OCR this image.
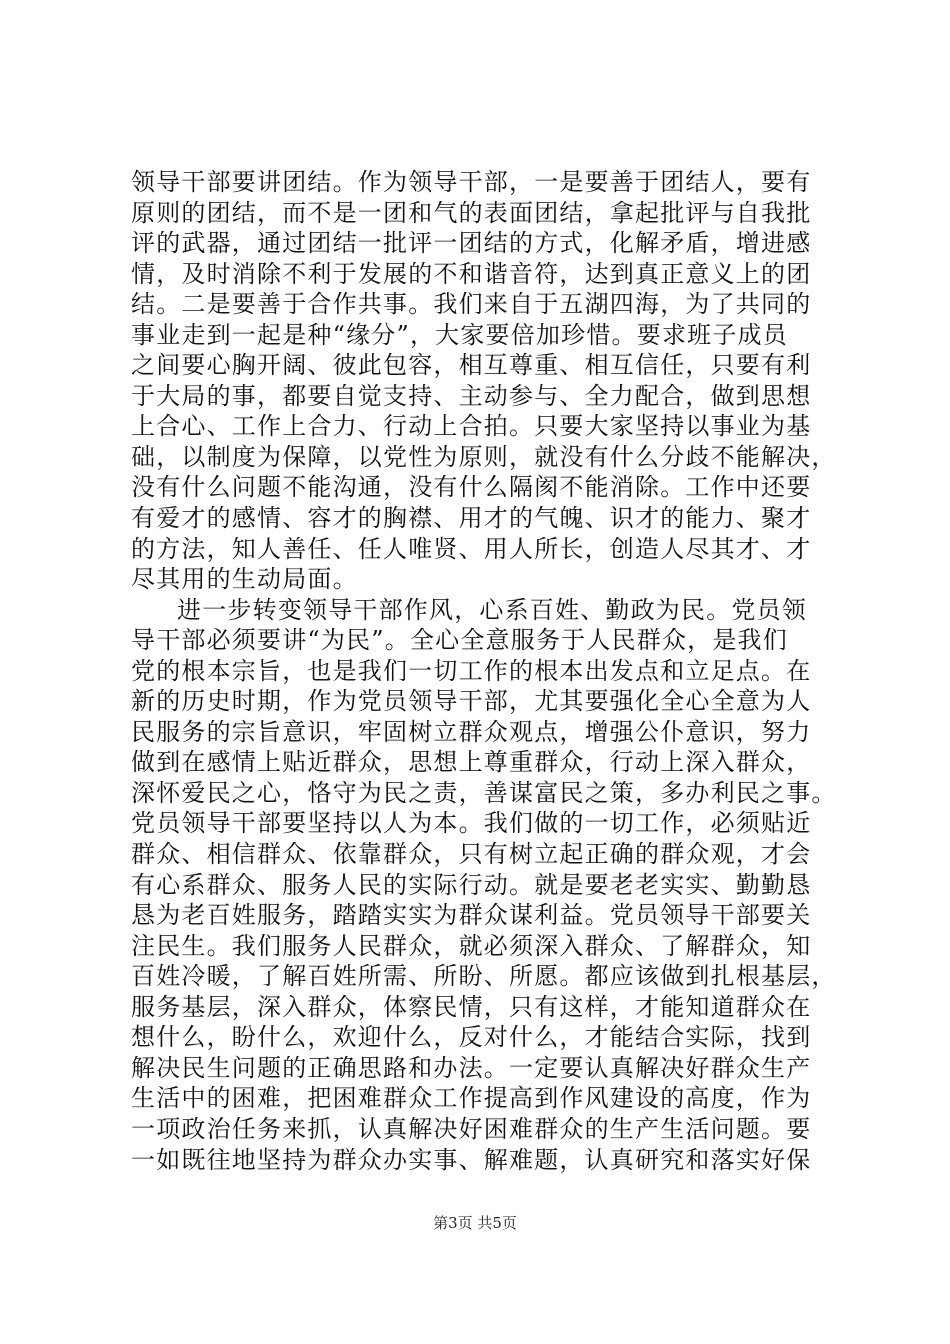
领导干部要讲团结。作为领导干部，一是要善于团结人，要有
原则的团结，而不是一团和气的表面团结，拿起批评与自我批
评的武器，通过团结一批评一团结的方式，化解矛盾，增进感
情，及时消除不利于发展的不和谐音符，达到真正意义上的团
结。二是要善于合作共事。我们来自于五湖四海，为了共同的
事业走到一起是种“缘分”，大家要倍加珍惜。要求班子成员
之间要心胸开阔、彼此包容，相互尊重、相互信任，只要有利
于大局的事，都要自觉支持、主动参与、全力配合，做到思想
上合心、工作上合力、行动上合拍。只要大家坚持以事业为基
础，以制度为保障，以党性为原则，就没有什么分歧不能解决，
没有什么问题不能沟通，没有什么隔阂不能消除。工作中还要
有爱才的感情、容才的胸襟、用才的气魄、识才的能力、聚才
的方法，知人善任、任人唯贤、用人所长，创造人尽其才、才
尽其用的生动局面。
进一步转变领导干部作风，心系百姓、勤政为民。党员领
导干部必须要讲“为民”。全心全意服务于人民群众，是我们
党的根本宗旨，也是我们一切工作的根本出发点和立足点。在
新的历史时期，作为党员领导干部，尤其要强化全心全意为人
民服务的宗旨意识，牢固树立群众观点，增强公仆意识，努力
做到在感情上贴近群众，思想上尊重群众，行动上深入群众，
深怀爱民之心，恪守为民之责，善谋富民之策，多办利民之事。
党员领导干部要坚持以人为本。我们做的一切工作，必须贴近
群众、相信群众、依靠群众，只有树立起正确的群众观，才会
有心系群众、服务人民的实际行动。就是要老老实实、勤勤恳
恳为老百姓服务，踏踏实实为群众谋利益。党员领导干部要关
注民生。我们服务人民群众，就必须深入群众、了解群众，知
百姓冷暖，了解百姓所需、所盼、所愿。都应该做到扎根基层，
服务基层，深入群众，体察民情，只有这样，才能知道群众在
想什么，盼什么，欢迎什么，反对什么，才能结合实际，找到
解决民生问题的正确思路和办法。一定要认真解决好群众生产
生活中的困难，把困难群众工作提高到作风建设的高度，作为
一项政治任务来抓，认真解决好困难群众的生产生活问题。要
一如既往地坚持为群众办实事、解难题，认真研究和落实好保
第3页 共5页
